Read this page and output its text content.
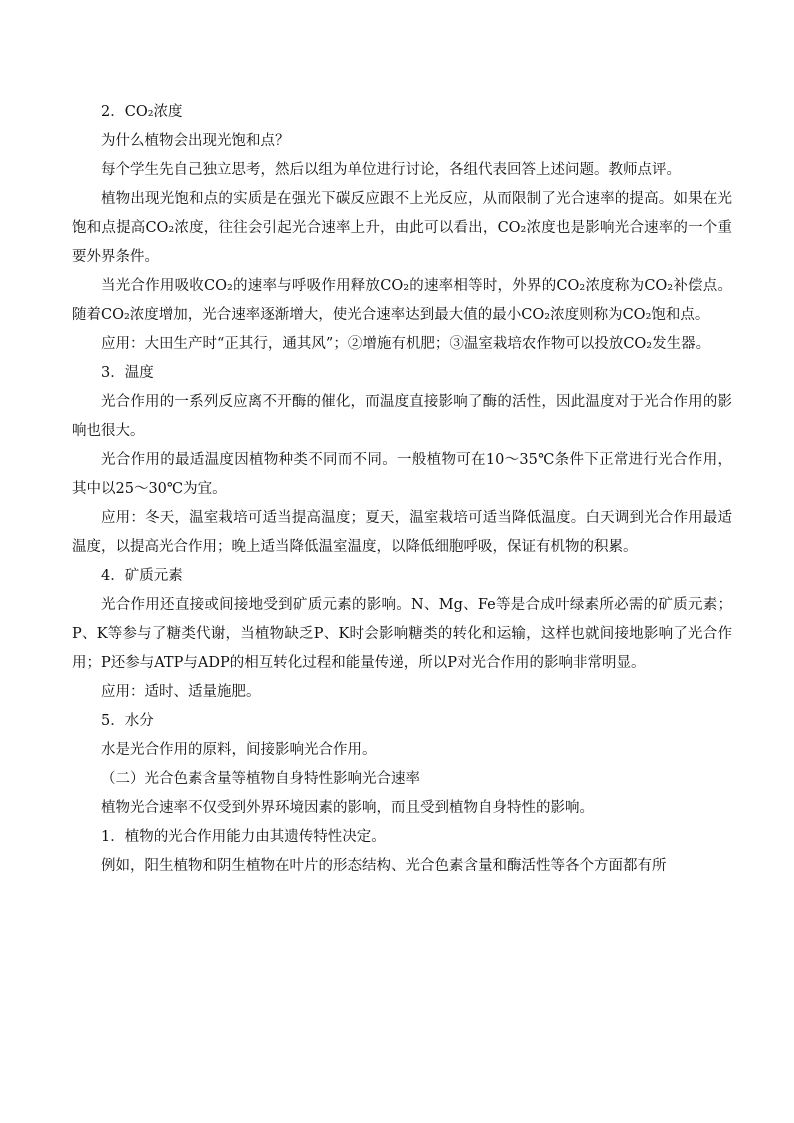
2．CO₂浓度

为什么植物会出现光饱和点？

每个学生先自己独立思考，然后以组为单位进行讨论，各组代表回答上述问题。教师点评。

植物出现光饱和点的实质是在强光下碳反应跟不上光反应，从而限制了光合速率的提高。如果在光饱和点提高CO₂浓度，往往会引起光合速率上升，由此可以看出，CO₂浓度也是影响光合速率的一个重要外界条件。

当光合作用吸收CO₂的速率与呼吸作用释放CO₂的速率相等时，外界的CO₂浓度称为CO₂补偿点。随着CO₂浓度增加，光合速率逐渐增大，使光合速率达到最大值的最小CO₂浓度则称为CO₂饱和点。

应用：大田生产时“正其行，通其风”；②增施有机肥；③温室栽培农作物可以投放CO₂发生器。

3．温度

光合作用的一系列反应离不开酶的催化，而温度直接影响了酶的活性，因此温度对于光合作用的影响也很大。

光合作用的最适温度因植物种类不同而不同。一般植物可在10～35℃条件下正常进行光合作用，其中以25～30℃为宜。

应用：冬天，温室栽培可适当提高温度；夏天，温室栽培可适当降低温度。白天调到光合作用最适温度，以提高光合作用；晚上适当降低温室温度，以降低细胞呼吸，保证有机物的积累。

4．矿质元素

光合作用还直接或间接地受到矿质元素的影响。N、Mg、Fe等是合成叶绿素所必需的矿质元素；P、K等参与了糖类代谢，当植物缺乏P、K时会影响糖类的转化和运输，这样也就间接地影响了光合作用；P还参与ATP与ADP的相互转化过程和能量传递，所以P对光合作用的影响非常明显。

应用：适时、适量施肥。

5．水分

水是光合作用的原料，间接影响光合作用。

（二）光合色素含量等植物自身特性影响光合速率

植物光合速率不仅受到外界环境因素的影响，而且受到植物自身特性的影响。

1．植物的光合作用能力由其遗传特性决定。

例如，阳生植物和阴生植物在叶片的形态结构、光合色素含量和酶活性等各个方面都有所
